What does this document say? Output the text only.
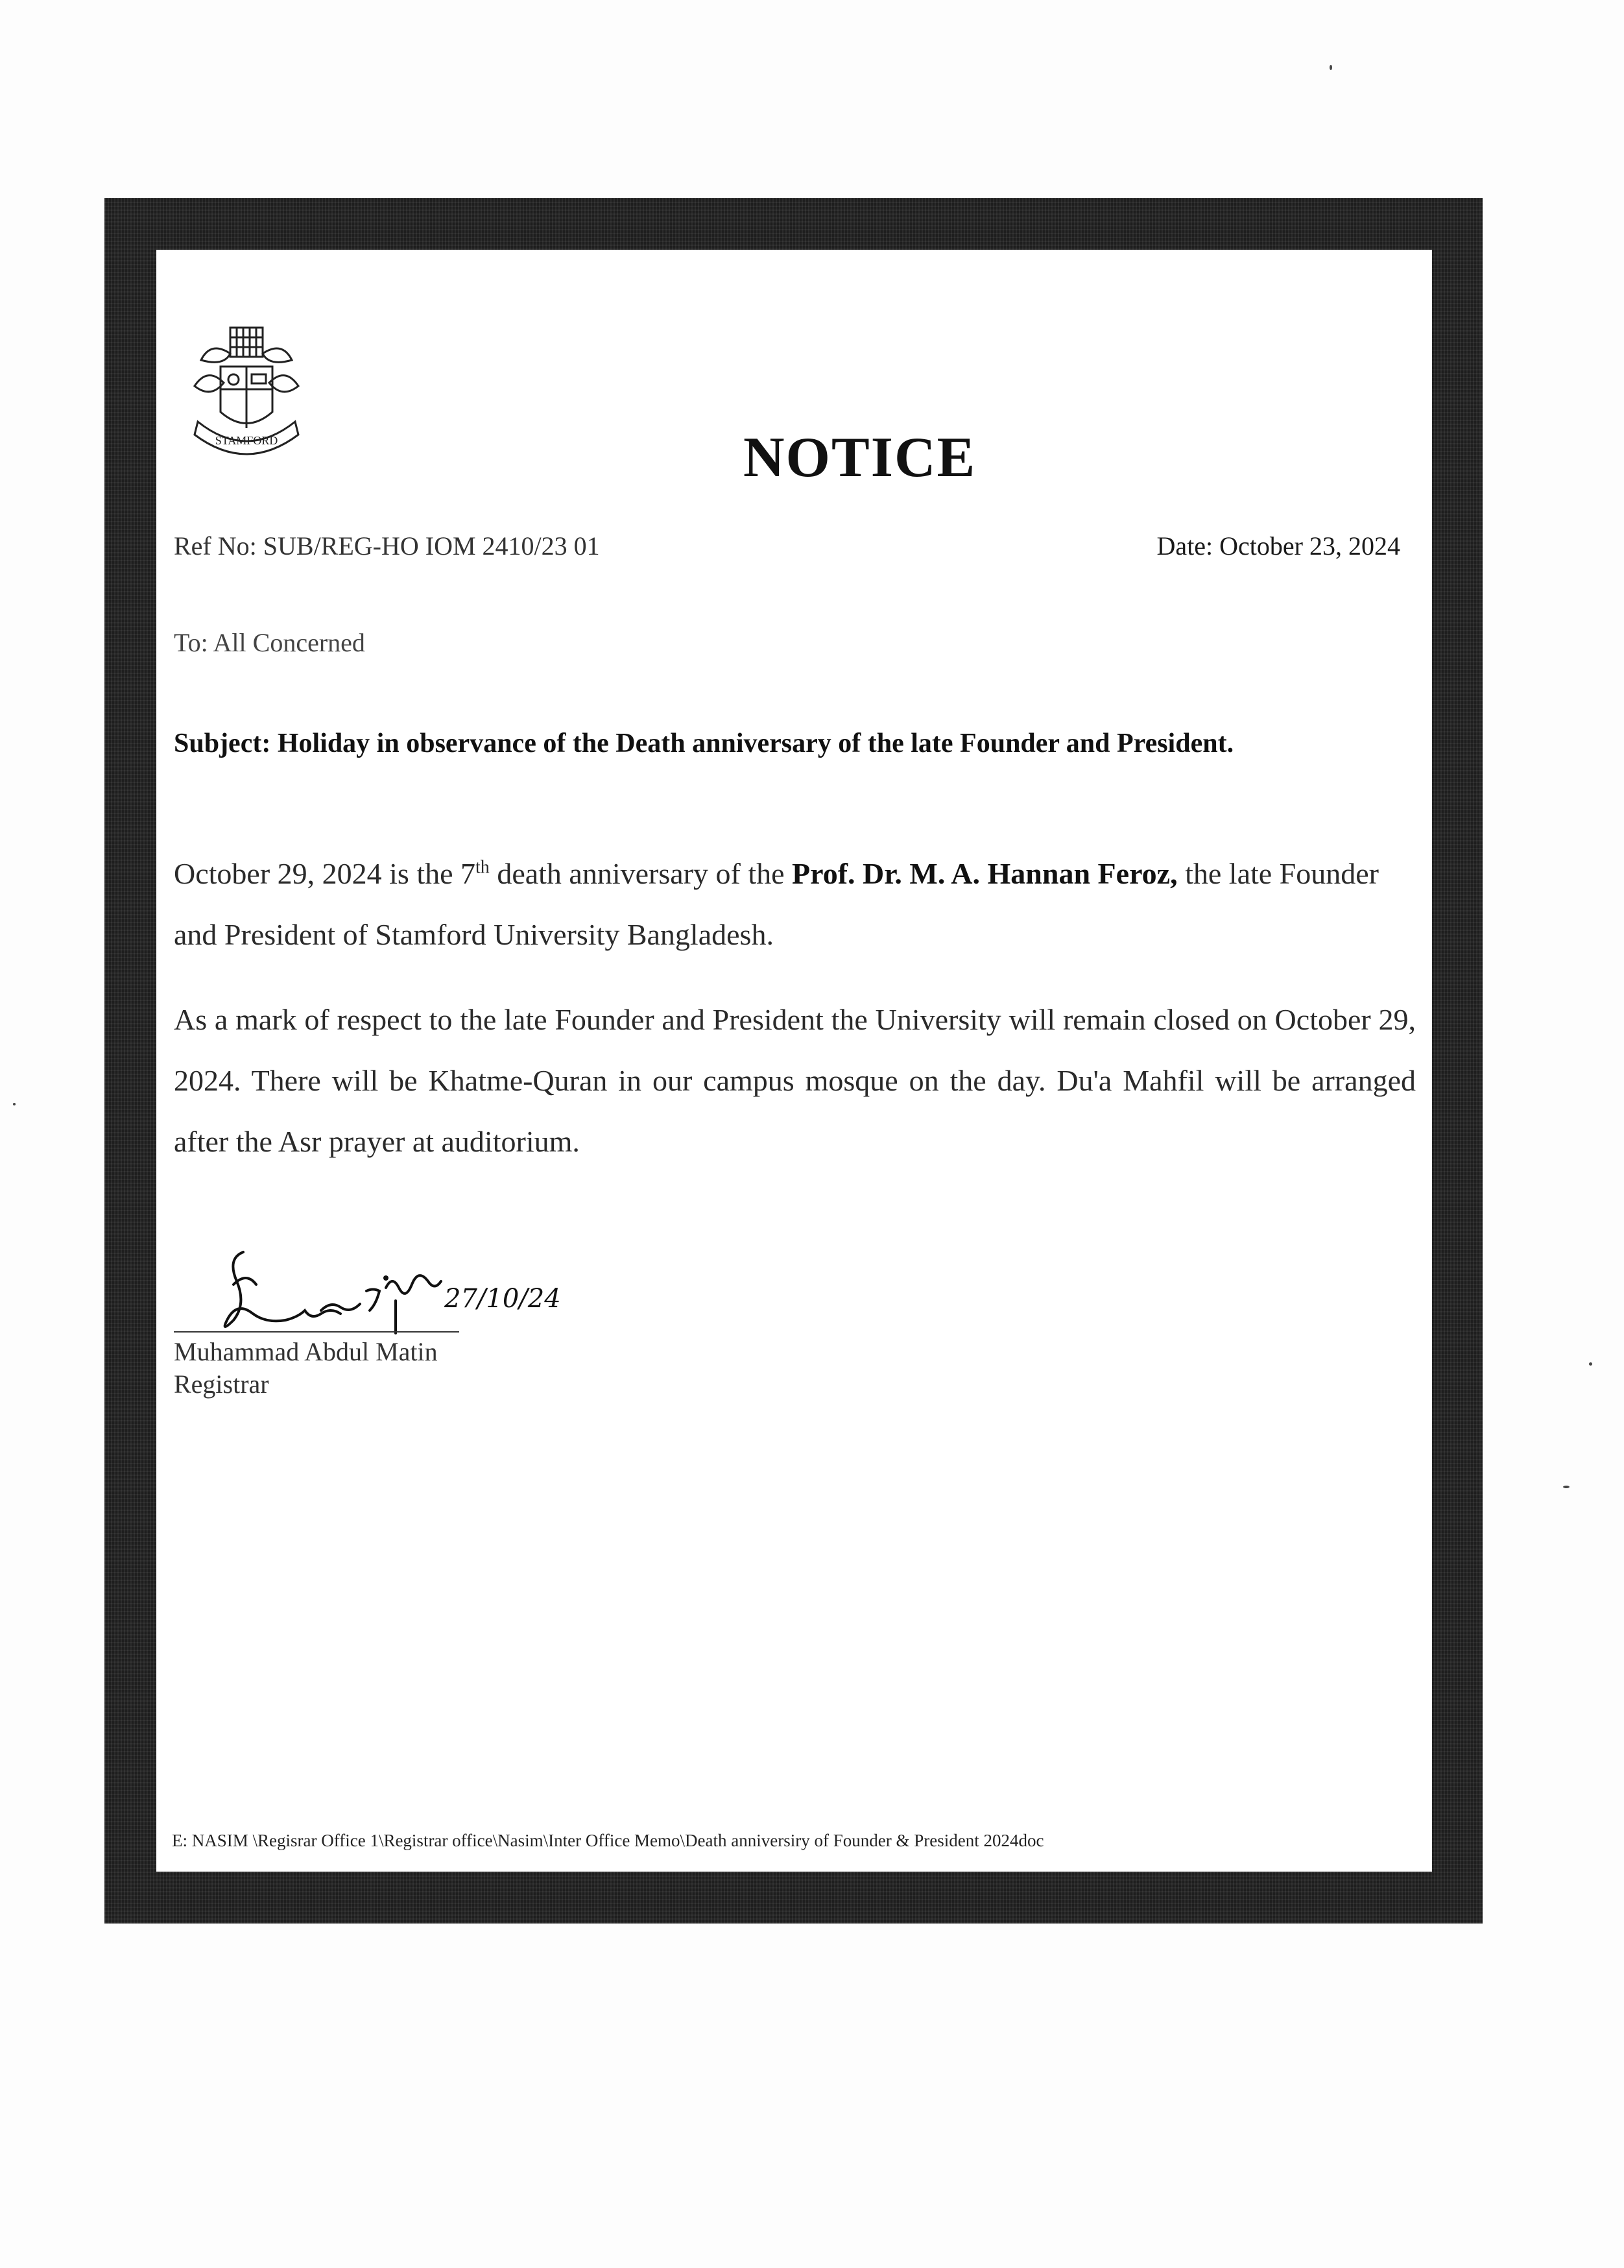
STAMFORD	NOTICE
Ref No: SUB/REG-HO IOM 2410/23 01	Date: October 23, 2024
To: All Concerned
Subject: Holiday in observance of the Death anniversary of the late Founder and President.
October 29, 2024 is the 7th death anniversary of the Prof. Dr. M. A. Hannan Feroz, the late Founder and President of Stamford University Bangladesh.
As a mark of respect to the late Founder and President the University will remain closed on October 29, 2024. There will be Khatme-Quran in our campus mosque on the day. Du'a Mahfil will be arranged after the Asr prayer at auditorium.
27/10/24
Muhammad Abdul Matin
Registrar
E: NASIM \Regisrar Office 1\Registrar office\Nasim\Inter Office Memo\Death anniversiry of Founder & President 2024doc
